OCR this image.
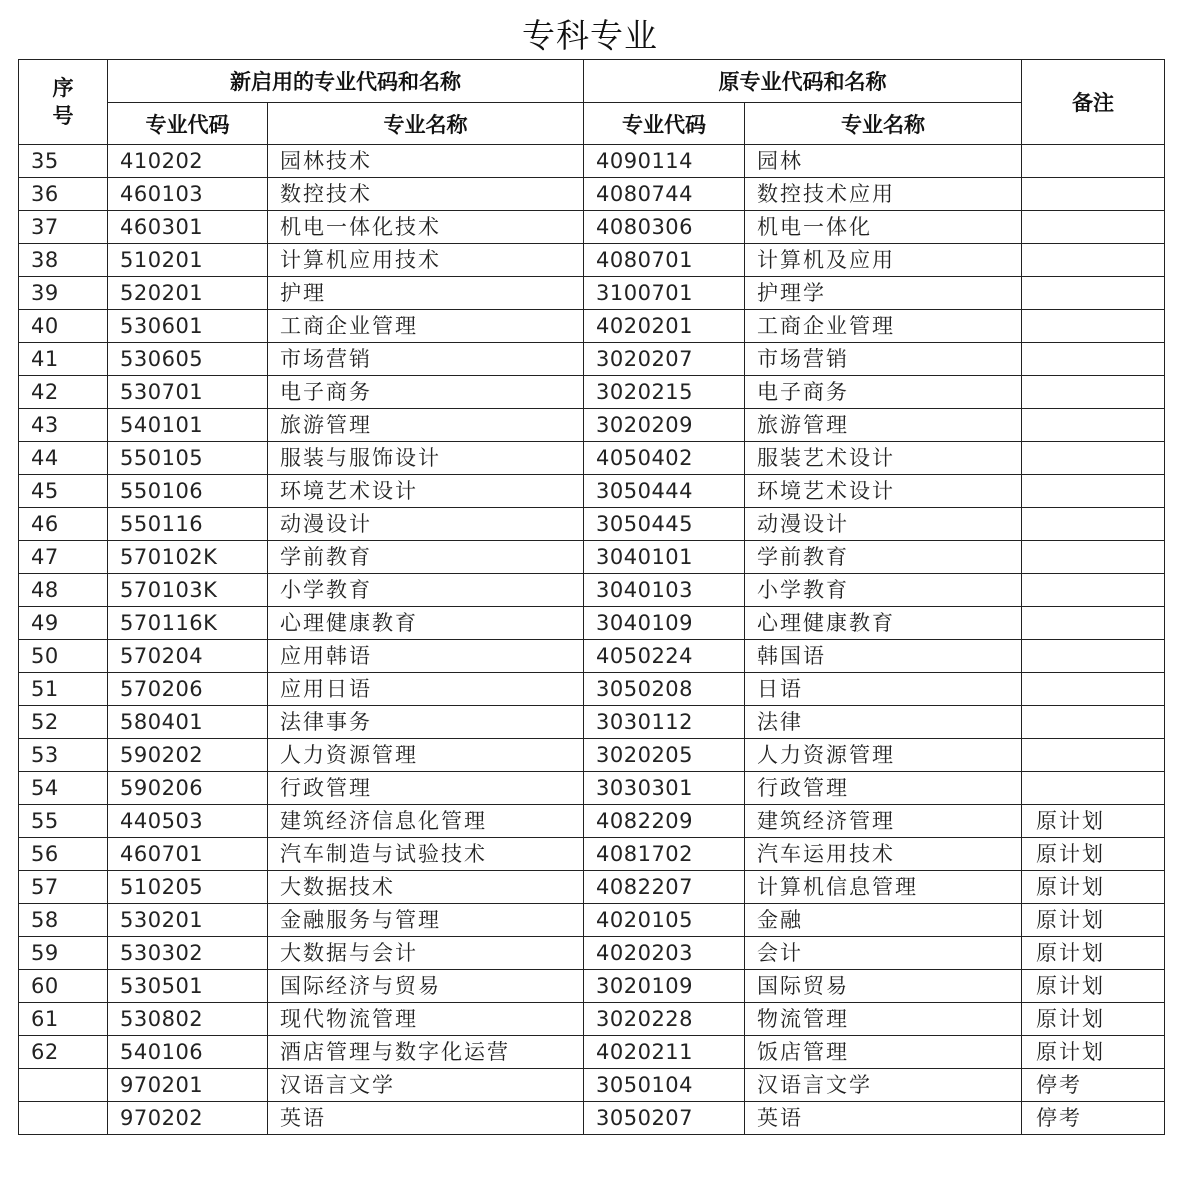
专科专业
序号	新启用的专业代码和名称		原专业代码和名称		备注
	专业代码	专业名称	专业代码	专业名称	
35	410202	园林技术	4090114	园林	
36	460103	数控技术	4080744	数控技术应用	
37	460301	机电一体化技术	4080306	机电一体化	
38	510201	计算机应用技术	4080701	计算机及应用	
39	520201	护理	3100701	护理学	
40	530601	工商企业管理	4020201	工商企业管理	
41	530605	市场营销	3020207	市场营销	
42	530701	电子商务	3020215	电子商务	
43	540101	旅游管理	3020209	旅游管理	
44	550105	服装与服饰设计	4050402	服装艺术设计	
45	550106	环境艺术设计	3050444	环境艺术设计	
46	550116	动漫设计	3050445	动漫设计	
47	570102K	学前教育	3040101	学前教育	
48	570103K	小学教育	3040103	小学教育	
49	570116K	心理健康教育	3040109	心理健康教育	
50	570204	应用韩语	4050224	韩国语	
51	570206	应用日语	3050208	日语	
52	580401	法律事务	3030112	法律	
53	590202	人力资源管理	3020205	人力资源管理	
54	590206	行政管理	3030301	行政管理	
55	440503	建筑经济信息化管理	4082209	建筑经济管理	原计划
56	460701	汽车制造与试验技术	4081702	汽车运用技术	原计划
57	510205	大数据技术	4082207	计算机信息管理	原计划
58	530201	金融服务与管理	4020105	金融	原计划
59	530302	大数据与会计	4020203	会计	原计划
60	530501	国际经济与贸易	3020109	国际贸易	原计划
61	530802	现代物流管理	3020228	物流管理	原计划
62	540106	酒店管理与数字化运营	4020211	饭店管理	原计划
	970201	汉语言文学	3050104	汉语言文学	停考
	970202	英语	3050207	英语	停考
